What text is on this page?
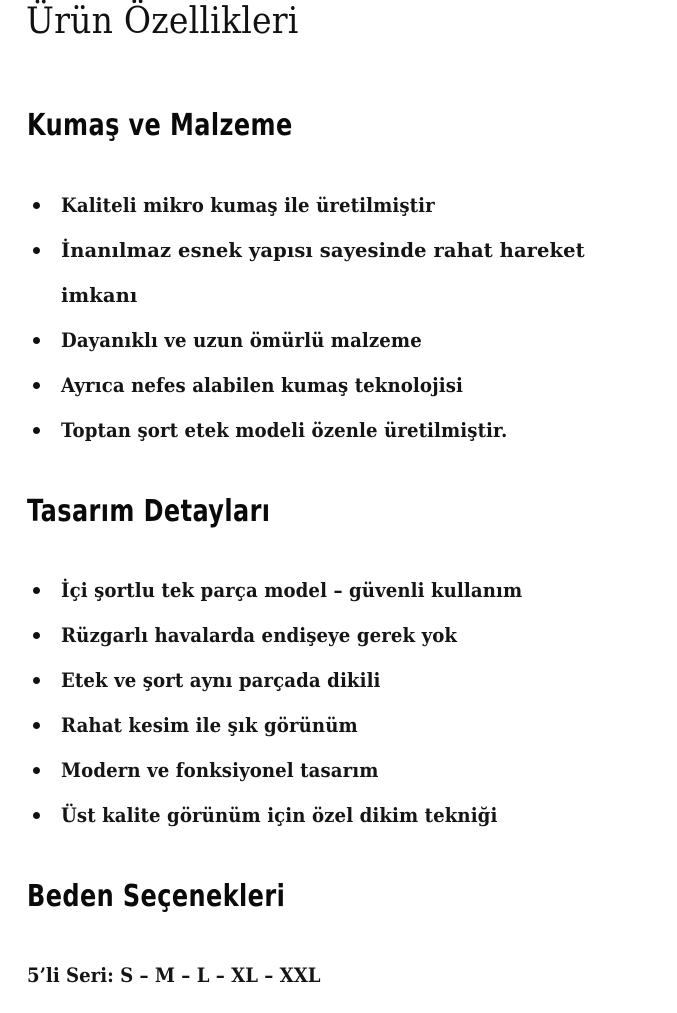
Ürün Özellikleri
Kumaş ve Malzeme
Kaliteli mikro kumaş ile üretilmiştir
İnanılmaz esnek yapısı sayesinde rahat hareket imkanı
Dayanıklı ve uzun ömürlü malzeme
Ayrıca nefes alabilen kumaş teknolojisi
Toptan şort etek modeli özenle üretilmiştir.
Tasarım Detayları
İçi şortlu tek parça model – güvenli kullanım
Rüzgarlı havalarda endişeye gerek yok
Etek ve şort aynı parçada dikili
Rahat kesim ile şık görünüm
Modern ve fonksiyonel tasarım
Üst kalite görünüm için özel dikim tekniği
Beden Seçenekleri

5’li Seri: S – M – L – XL – XXL
